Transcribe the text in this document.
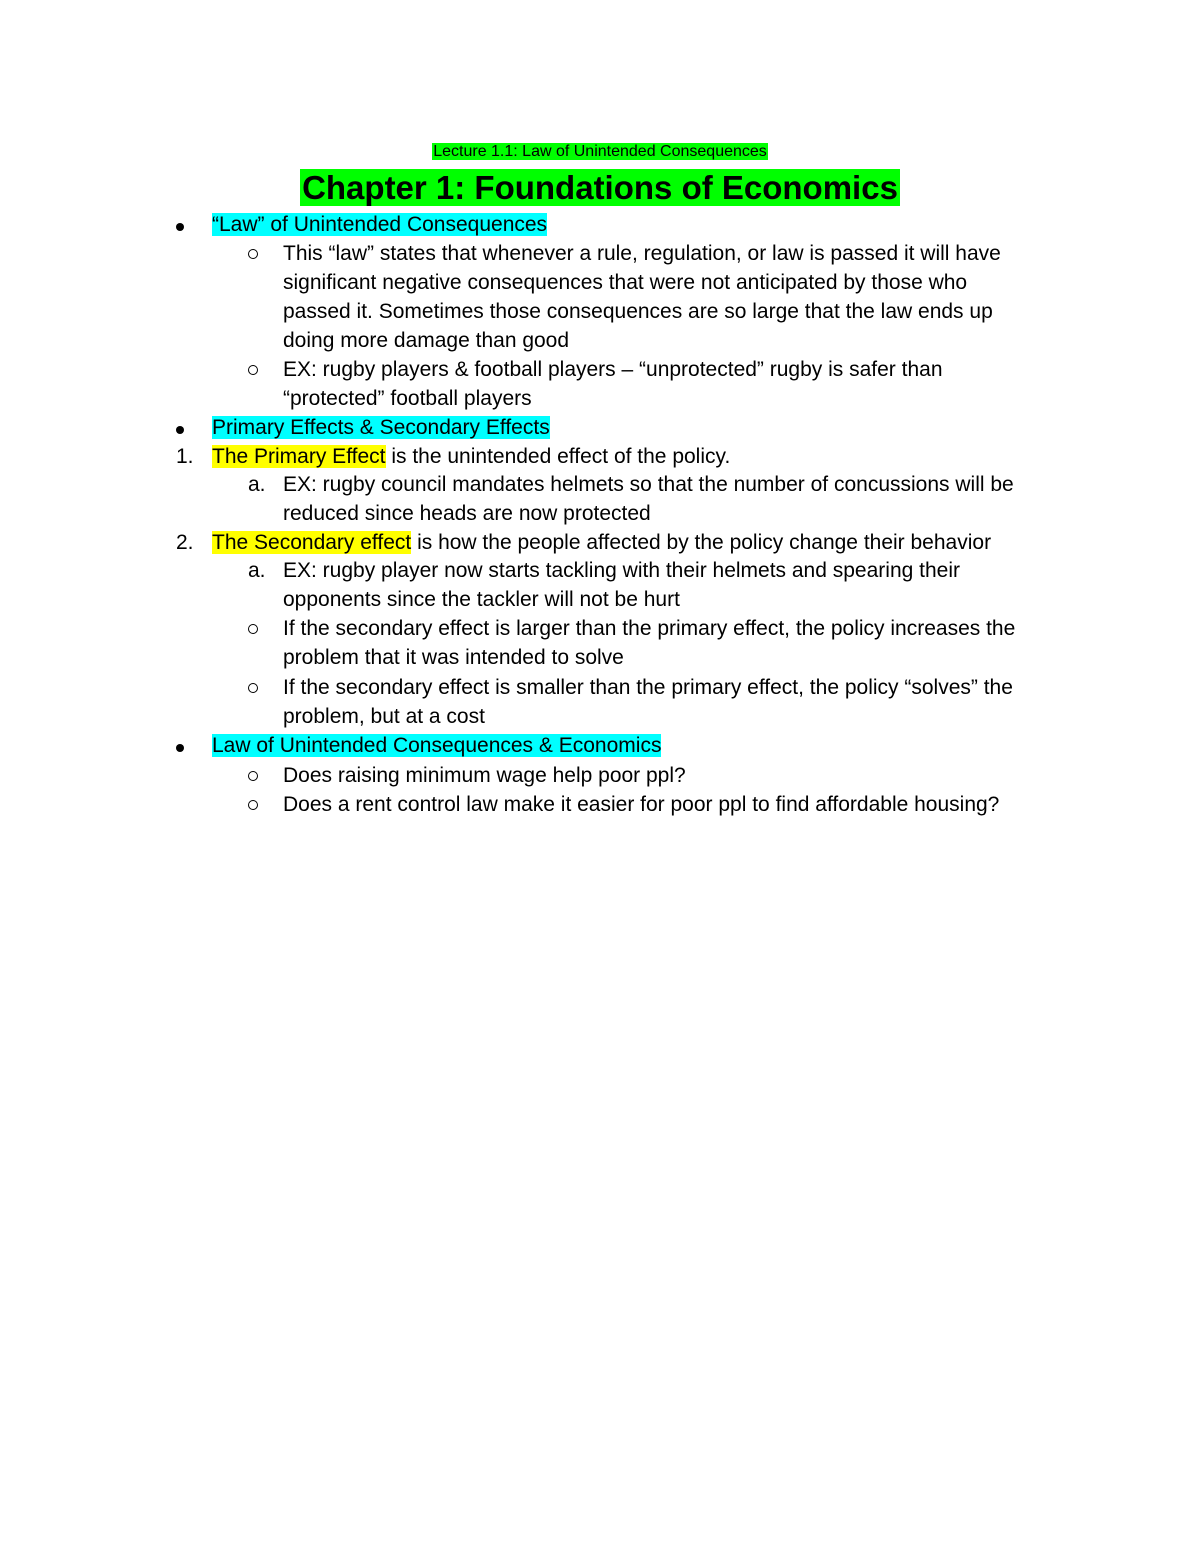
Lecture 1.1: Law of Unintended Consequences
Chapter 1: Foundations of Economics
“Law” of Unintended Consequences
This “law” states that whenever a rule, regulation, or law is passed it will have
significant negative consequences that were not anticipated by those who
passed it. Sometimes those consequences are so large that the law ends up
doing more damage than good
EX: rugby players & football players – “unprotected” rugby is safer than
“protected” football players
Primary Effects & Secondary Effects
1. The Primary Effect is the unintended effect of the policy.
a. EX: rugby council mandates helmets so that the number of concussions will be
reduced since heads are now protected
2. The Secondary effect is how the people affected by the policy change their behavior
a. EX: rugby player now starts tackling with their helmets and spearing their
opponents since the tackler will not be hurt
If the secondary effect is larger than the primary effect, the policy increases the
problem that it was intended to solve
If the secondary effect is smaller than the primary effect, the policy “solves” the
problem, but at a cost
Law of Unintended Consequences & Economics
Does raising minimum wage help poor ppl?
Does a rent control law make it easier for poor ppl to find affordable housing?
